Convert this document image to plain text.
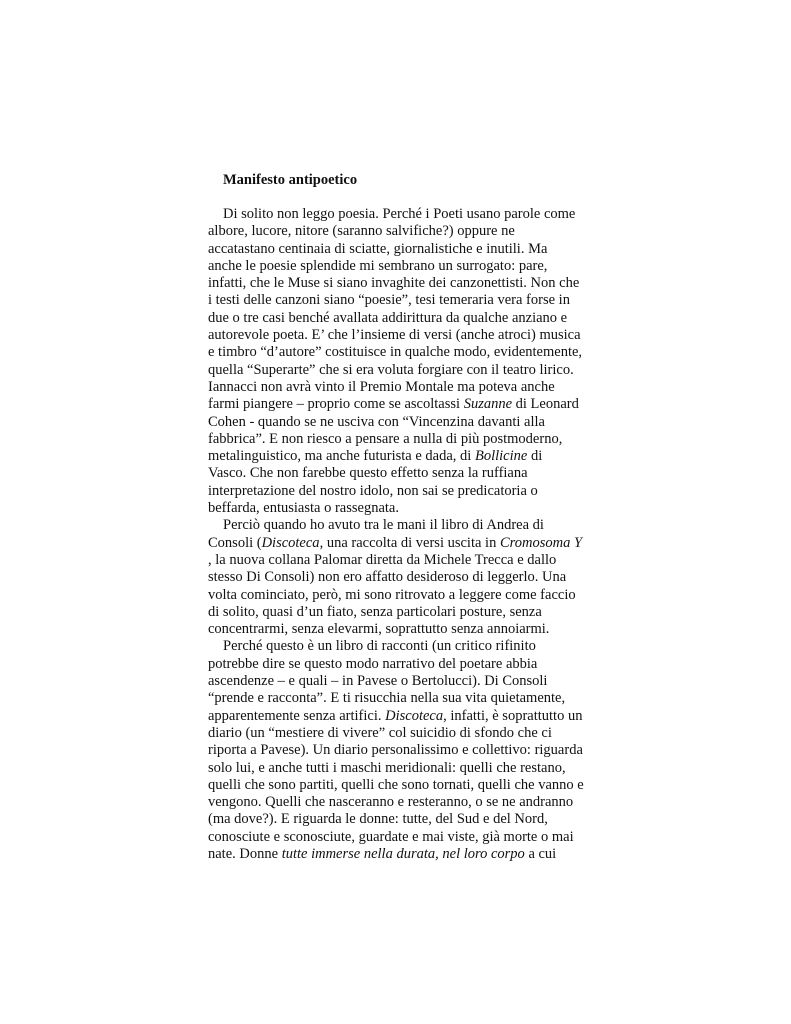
Manifesto antipoetico
Di solito non leggo poesia. Perché i Poeti usano parole come
albore, lucore, nitore (saranno salvifiche?) oppure ne
accatastano centinaia di sciatte, giornalistiche e inutili. Ma
anche le poesie splendide mi sembrano un surrogato: pare,
infatti, che le Muse si siano invaghite dei canzonettisti. Non che
i testi delle canzoni siano “poesie”, tesi temeraria vera forse in
due o tre casi benché avallata addirittura da qualche anziano e
autorevole poeta. E’ che l’insieme di versi (anche atroci) musica
e timbro “d’autore” costituisce in qualche modo, evidentemente,
quella “Superarte” che si era voluta forgiare con il teatro lirico.
Iannacci non avrà vinto il Premio Montale ma poteva anche
farmi piangere – proprio come se ascoltassi Suzanne di Leonard
Cohen - quando se ne usciva con “Vincenzina davanti alla
fabbrica”. E non riesco a pensare a nulla di più postmoderno,
metalinguistico, ma anche futurista e dada, di Bollicine di
Vasco. Che non farebbe questo effetto senza la ruffiana
interpretazione del nostro idolo, non sai se predicatoria o
beffarda, entusiasta o rassegnata.
Perciò quando ho avuto tra le mani il libro di Andrea di
Consoli (Discoteca, una raccolta di versi uscita in Cromosoma Y
, la nuova collana Palomar diretta da Michele Trecca e dallo
stesso Di Consoli) non ero affatto desideroso di leggerlo. Una
volta cominciato, però, mi sono ritrovato a leggere come faccio
di solito, quasi d’un fiato, senza particolari posture, senza
concentrarmi, senza elevarmi, soprattutto senza annoiarmi.
Perché questo è un libro di racconti (un critico rifinito
potrebbe dire se questo modo narrativo del poetare abbia
ascendenze – e quali – in Pavese o Bertolucci). Di Consoli
“prende e racconta”. E ti risucchia nella sua vita quietamente,
apparentemente senza artifici. Discoteca, infatti, è soprattutto un
diario (un “mestiere di vivere” col suicidio di sfondo che ci
riporta a Pavese). Un diario personalissimo e collettivo: riguarda
solo lui, e anche tutti i maschi meridionali: quelli che restano,
quelli che sono partiti, quelli che sono tornati, quelli che vanno e
vengono. Quelli che nasceranno e resteranno, o se ne andranno
(ma dove?). E riguarda le donne: tutte, del Sud e del Nord,
conosciute e sconosciute, guardate e mai viste, già morte o mai
nate. Donne tutte immerse nella durata, nel loro corpo a cui
